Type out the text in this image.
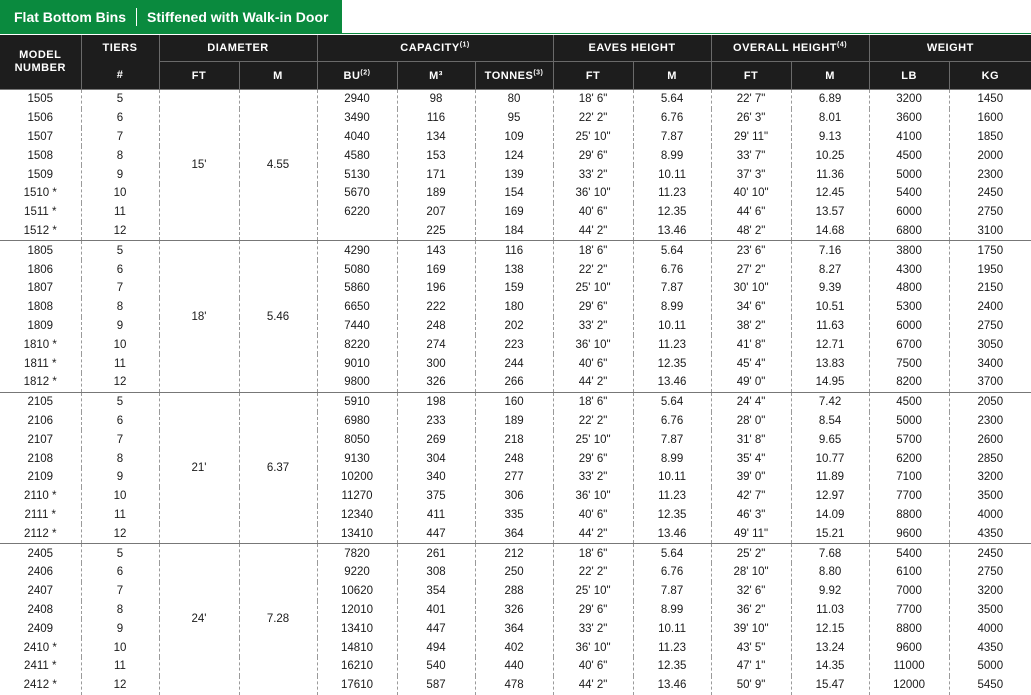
Flat Bottom Bins Stiffened with Walk-in Door
MODEL NUMBER	TIERS	DIAMETER		CAPACITY$^{(1)}$			EAVES HEIGHT		OVERALL HEIGHT$^{(4)}$		WEIGHT	
	#	FT	M	BU$^{(2)}$	M³	TONNES$^{(3)}$	FT	M	FT	M	LB	KG
1505	5	15'	4.55	2940	98	80	18' 6"	5.64	22' 7"	6.89	3200	1450
1506	6			3490	116	95	22' 2"	6.76	26' 3"	8.01	3600	1600
1507	7			4040	134	109	25' 10"	7.87	29' 11"	9.13	4100	1850
1508	8			4580	153	124	29' 6"	8.99	33' 7"	10.25	4500	2000
1509	9			5130	171	139	33' 2"	10.11	37' 3"	11.36	5000	2300
1510 *	10			5670	189	154	36' 10"	11.23	40' 10"	12.45	5400	2450
1511 *	11			6220	207	169	40' 6"	12.35	44' 6"	13.57	6000	2750
1512 *	12				225	184	44' 2"	13.46	48' 2"	14.68	6800	3100
1805	5	18'	5.46	4290	143	116	18' 6"	5.64	23' 6"	7.16	3800	1750
1806	6			5080	169	138	22' 2"	6.76	27' 2"	8.27	4300	1950
1807	7			5860	196	159	25' 10"	7.87	30' 10"	9.39	4800	2150
1808	8			6650	222	180	29' 6"	8.99	34' 6"	10.51	5300	2400
1809	9			7440	248	202	33' 2"	10.11	38' 2"	11.63	6000	2750
1810 *	10			8220	274	223	36' 10"	11.23	41' 8"	12.71	6700	3050
1811 *	11			9010	300	244	40' 6"	12.35	45' 4"	13.83	7500	3400
1812 *	12			9800	326	266	44' 2"	13.46	49' 0"	14.95	8200	3700
2105	5	21'	6.37	5910	198	160	18' 6"	5.64	24' 4"	7.42	4500	2050
2106	6			6980	233	189	22' 2"	6.76	28' 0"	8.54	5000	2300
2107	7			8050	269	218	25' 10"	7.87	31' 8"	9.65	5700	2600
2108	8			9130	304	248	29' 6"	8.99	35' 4"	10.77	6200	2850
2109	9			10200	340	277	33' 2"	10.11	39' 0"	11.89	7100	3200
2110 *	10			11270	375	306	36' 10"	11.23	42' 7"	12.97	7700	3500
2111 *	11			12340	411	335	40' 6"	12.35	46' 3"	14.09	8800	4000
2112 *	12			13410	447	364	44' 2"	13.46	49' 11"	15.21	9600	4350
2405	5	24'	7.28	7820	261	212	18' 6"	5.64	25' 2"	7.68	5400	2450
2406	6			9220	308	250	22' 2"	6.76	28' 10"	8.80	6100	2750
2407	7			10620	354	288	25' 10"	7.87	32' 6"	9.92	7000	3200
2408	8			12010	401	326	29' 6"	8.99	36' 2"	11.03	7700	3500
2409	9			13410	447	364	33' 2"	10.11	39' 10"	12.15	8800	4000
2410 *	10			14810	494	402	36' 10"	11.23	43' 5"	13.24	9600	4350
2411 *	11			16210	540	440	40' 6"	12.35	47' 1"	14.35	11000	5000
2412 *	12			17610	587	478	44' 2"	13.46	50' 9"	15.47	12000	5450
